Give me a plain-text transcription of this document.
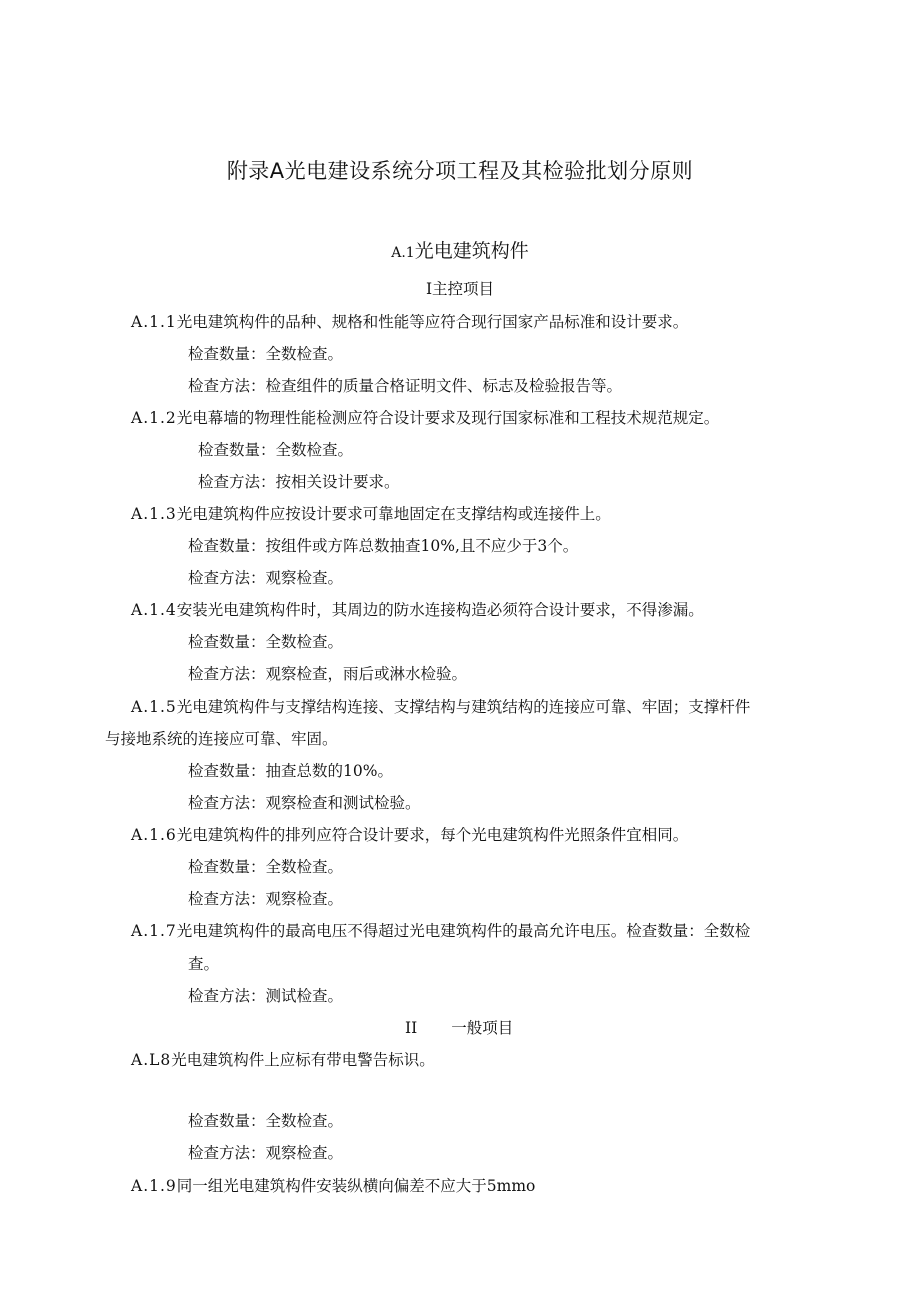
附录A光电建设系统分项工程及其检验批划分原则
A.1光电建筑构件
I主控项目
A.1.1光电建筑构件的品种、规格和性能等应符合现行国家产品标准和设计要求。
检查数量：全数检查。
检查方法：检查组件的质量合格证明文件、标志及检验报告等。
A.1.2光电幕墙的物理性能检测应符合设计要求及现行国家标准和工程技术规范规定。
检查数量：全数检查。
检查方法：按相关设计要求。
A.1.3光电建筑构件应按设计要求可靠地固定在支撑结构或连接件上。
检查数量：按组件或方阵总数抽查10%,且不应少于3个。
检查方法：观察检查。
A.1.4安装光电建筑构件时，其周边的防水连接构造必须符合设计要求，不得渗漏。
检查数量：全数检查。
检查方法：观察检查，雨后或淋水检验。
A.1.5光电建筑构件与支撑结构连接、支撑结构与建筑结构的连接应可靠、牢固；支撑杆件
与接地系统的连接应可靠、牢固。
检查数量：抽查总数的10%。
检查方法：观察检查和测试检验。
A.1.6光电建筑构件的排列应符合设计要求，每个光电建筑构件光照条件宜相同。
检查数量：全数检查。
检查方法：观察检查。
A.1.7光电建筑构件的最高电压不得超过光电建筑构件的最高允许电压。检查数量：全数检
查。
检查方法：测试检查。
II 一般项目
A.L8光电建筑构件上应标有带电警告标识。
检查数量：全数检查。
检查方法：观察检查。
A.1.9同一组光电建筑构件安装纵横向偏差不应大于5mmo
